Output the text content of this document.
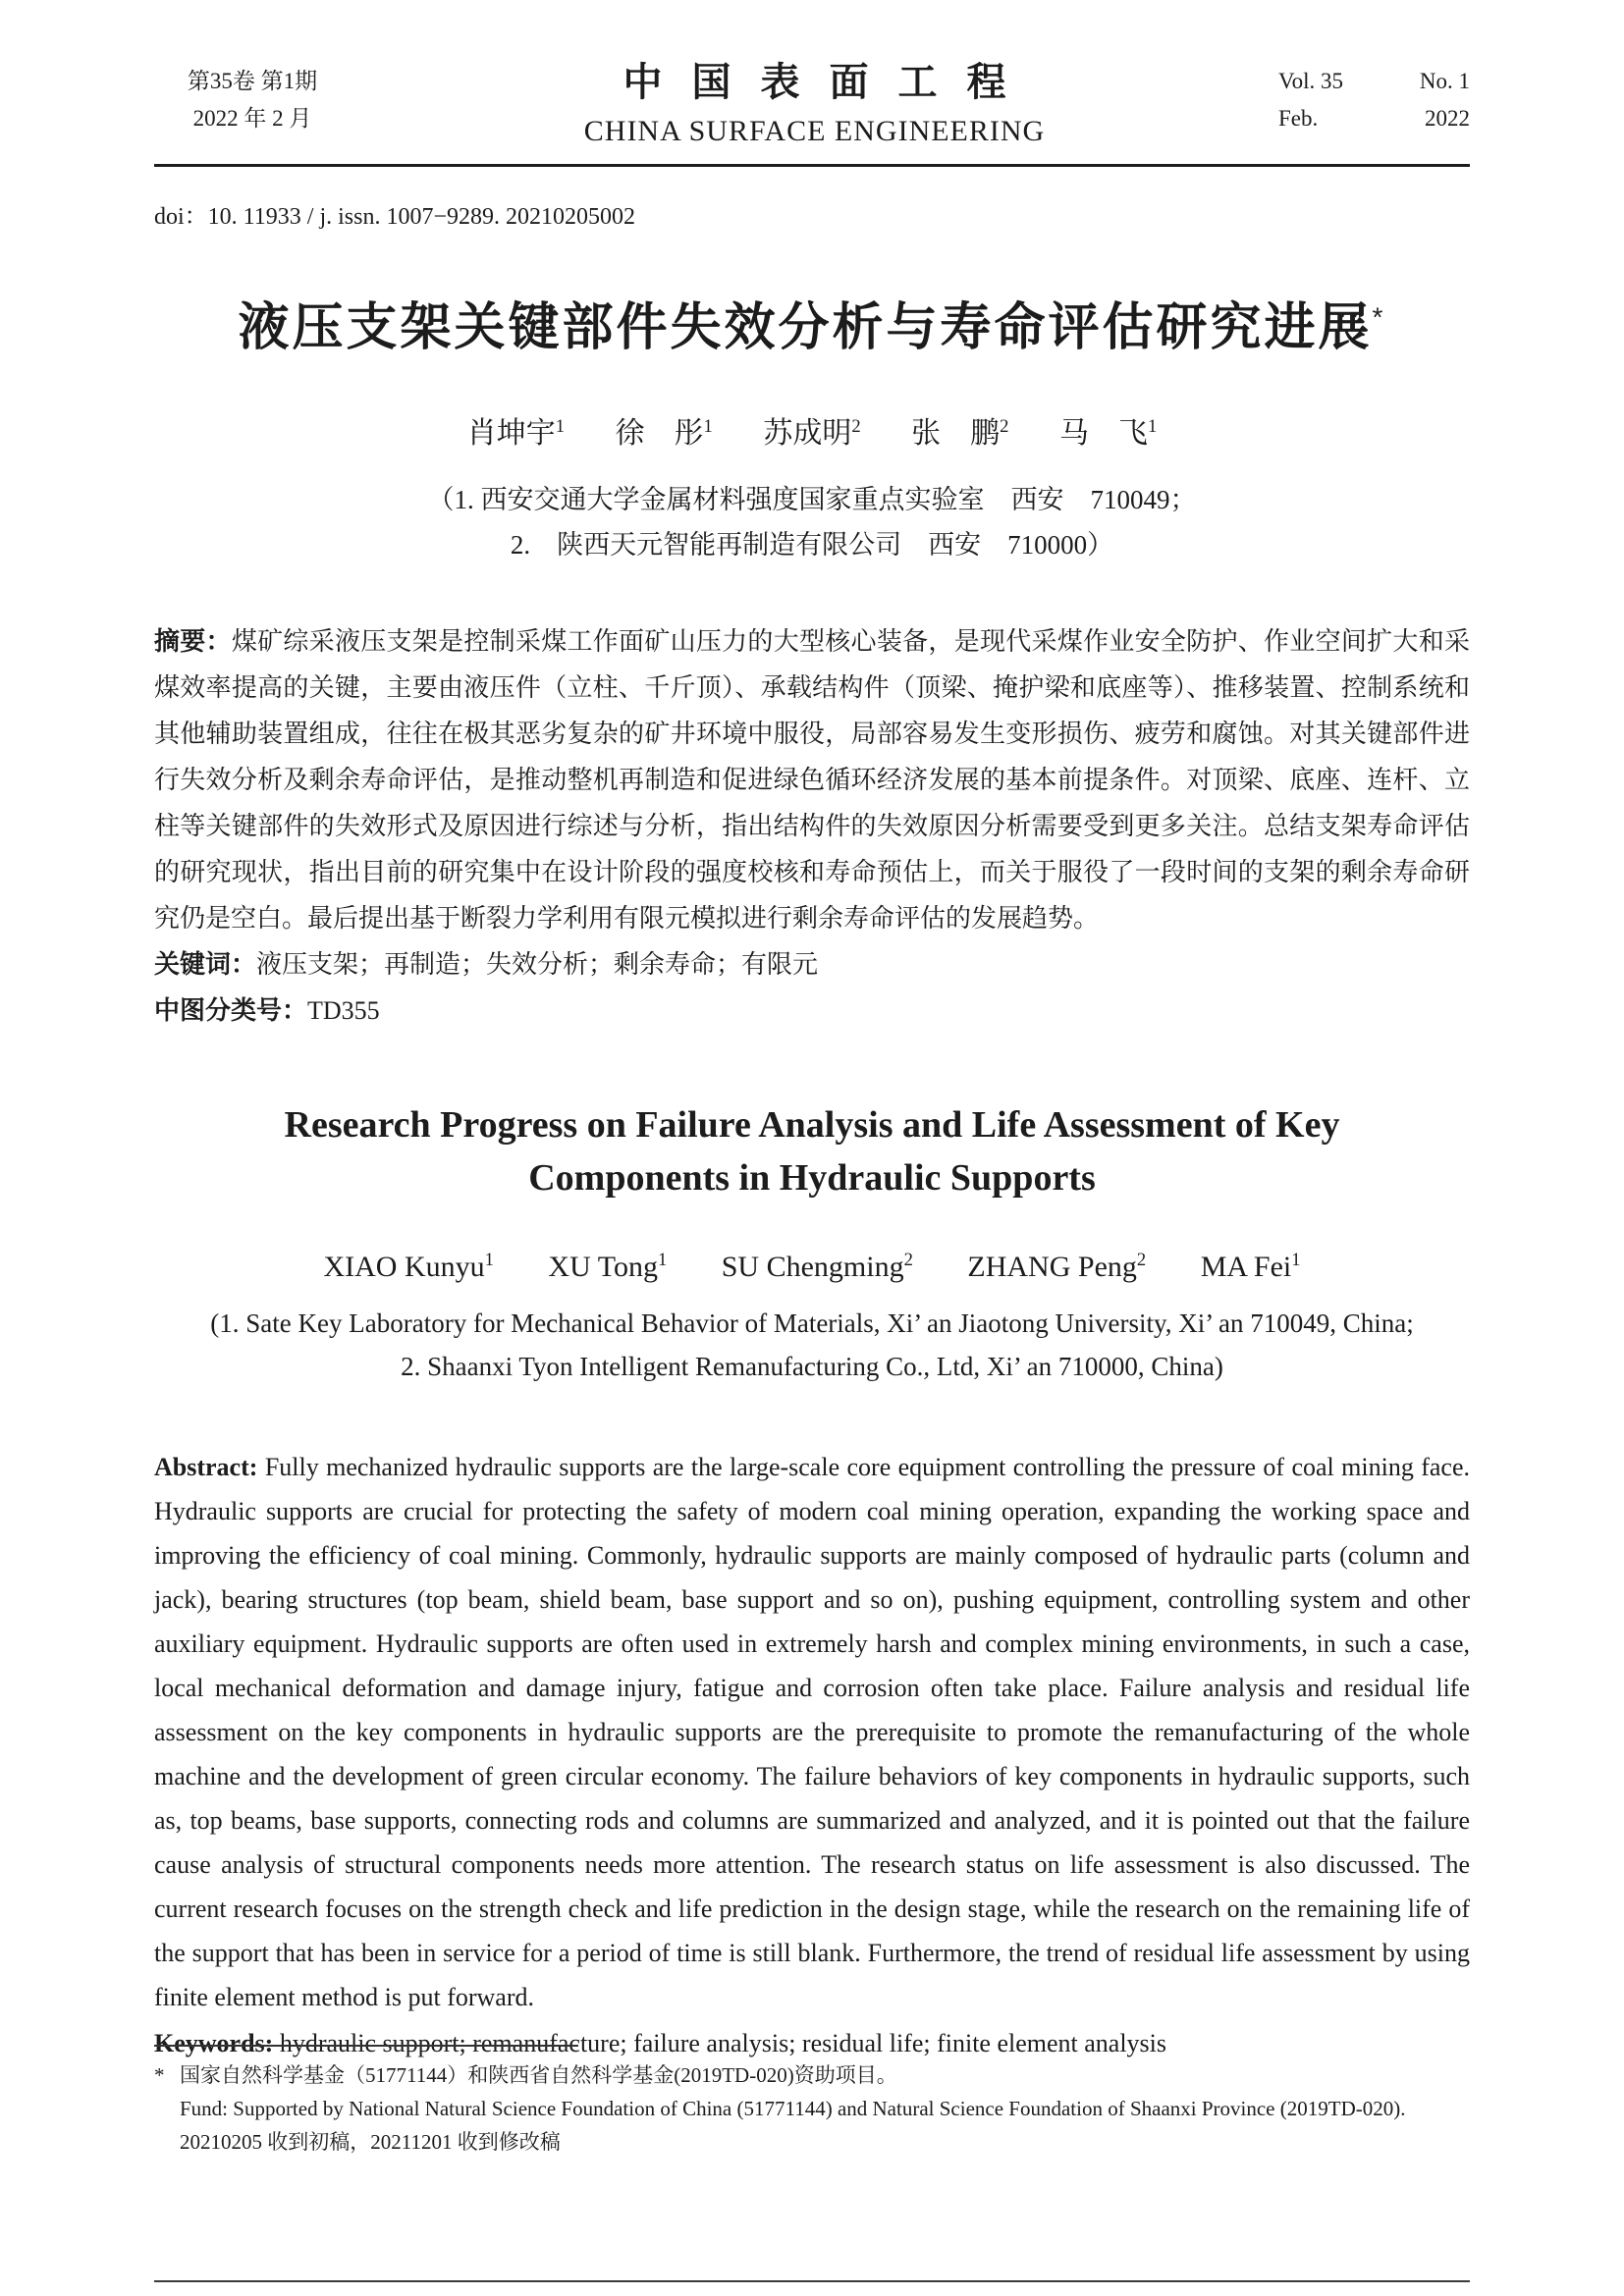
第35卷 第1期
2022 年 2 月
中国表面工程
CHINA SURFACE ENGINEERING
Vol. 35	No. 1
Feb.	2022
doi：10. 11933 / j. issn. 1007−9289. 20210205002
液压支架关键部件失效分析与寿命评估研究进展*
肖坤宇$^1$ 徐　彤$^1$ 苏成明$^2$ 张　鹏$^2$ 马　飞$^1$
（1. 西安交通大学金属材料强度国家重点实验室　西安　710049；
2.　陕西天元智能再制造有限公司　西安　710000）

摘要：煤矿综采液压支架是控制采煤工作面矿山压力的大型核心装备，是现代采煤作业安全防护、作业空间扩大和采煤效率提高的关键，主要由液压件（立柱、千斤顶）、承载结构件（顶梁、掩护梁和底座等）、推移装置、控制系统和其他辅助装置组成，往往在极其恶劣复杂的矿井环境中服役，局部容易发生变形损伤、疲劳和腐蚀。对其关键部件进行失效分析及剩余寿命评估，是推动整机再制造和促进绿色循环经济发展的基本前提条件。对顶梁、底座、连杆、立柱等关键部件的失效形式及原因进行综述与分析，指出结构件的失效原因分析需要受到更多关注。总结支架寿命评估的研究现状，指出目前的研究集中在设计阶段的强度校核和寿命预估上，而关于服役了一段时间的支架的剩余寿命研究仍是空白。最后提出基于断裂力学利用有限元模拟进行剩余寿命评估的发展趋势。

关键词：液压支架；再制造；失效分析；剩余寿命；有限元

中图分类号：TD355

Research Progress on Failure Analysis and Life Assessment of Key
Components in Hydraulic Supports
XIAO Kunyu$^1$ XU Tong$^1$ SU Chengming$^2$ ZHANG Peng$^2$ MA Fei$^1$
(1. Sate Key Laboratory for Mechanical Behavior of Materials, Xi’ an Jiaotong University, Xi’ an 710049, China;
2. Shaanxi Tyon Intelligent Remanufacturing Co., Ltd, Xi’ an 710000, China)

Abstract: Fully mechanized hydraulic supports are the large-scale core equipment controlling the pressure of coal mining face. Hydraulic supports are crucial for protecting the safety of modern coal mining operation, expanding the working space and improving the efficiency of coal mining. Commonly, hydraulic supports are mainly composed of hydraulic parts (column and jack), bearing structures (top beam, shield beam, base support and so on), pushing equipment, controlling system and other auxiliary equipment. Hydraulic supports are often used in extremely harsh and complex mining environments, in such a case, local mechanical deformation and damage injury, fatigue and corrosion often take place. Failure analysis and residual life assessment on the key components in hydraulic supports are the prerequisite to promote the remanufacturing of the whole machine and the development of green circular economy. The failure behaviors of key components in hydraulic supports, such as, top beams, base supports, connecting rods and columns are summarized and analyzed, and it is pointed out that the failure cause analysis of structural components needs more attention. The research status on life assessment is also discussed. The current research focuses on the strength check and life prediction in the design stage, while the research on the remaining life of the support that has been in service for a period of time is still blank. Furthermore, the trend of residual life assessment by using finite element method is put forward.

Keywords: hydraulic support; remanufacture; failure analysis; residual life; finite element analysis

* 国家自然科学基金（51771144）和陕西省自然科学基金(2019TD-020)资助项目。
Fund: Supported by National Natural Science Foundation of China (51771144) and Natural Science Foundation of Shaanxi Province (2019TD-020).
20210205 收到初稿，20211201 收到修改稿
